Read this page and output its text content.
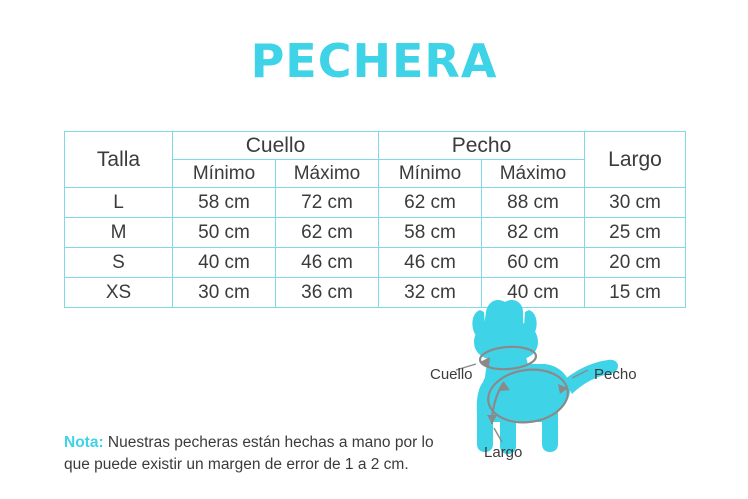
PECHERA
Talla	Cuello		Pecho		Largo
	Mínimo	Máximo	Mínimo	Máximo	
L	58 cm	72 cm	62 cm	88 cm	30 cm
M	50 cm	62 cm	58 cm	82 cm	25 cm
S	40 cm	46 cm	46 cm	60 cm	20 cm
XS	30 cm	36 cm	32 cm	40 cm	15 cm
Cuello	Pecho
Largo
Nota: Nuestras pecheras están hechas a mano por lo que puede existir un margen de error de 1 a 2 cm.
